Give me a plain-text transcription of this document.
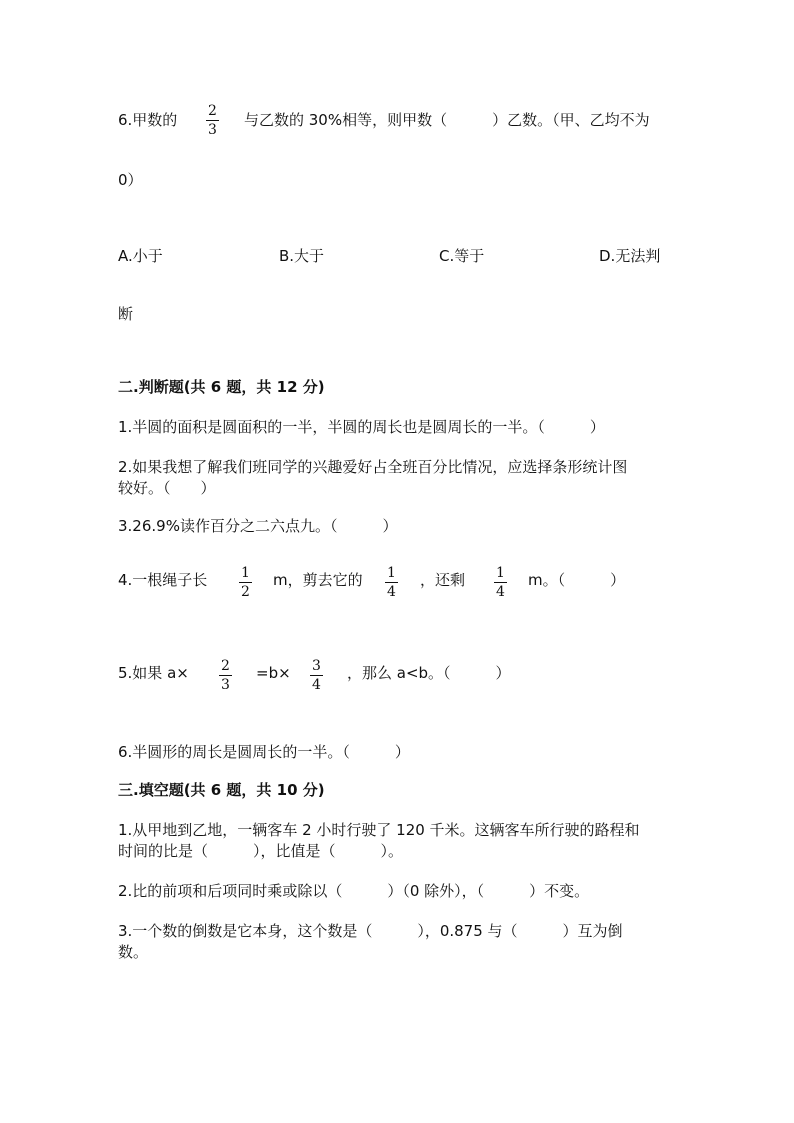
6.甲数的 $\frac{2}{3}$ 与乙数的 30%相等，则甲数（　　　）乙数。（甲、乙均不为
0）
A.小于	B.大于	C.等于	D.无法判
断
二.判断题(共 6 题，共 12 分)
1.半圆的面积是圆面积的一半，半圆的周长也是圆周长的一半。（　　　）
2.如果我想了解我们班同学的兴趣爱好占全班百分比情况，应选择条形统计图
较好。（　　）
3.26.9%读作百分之二六点九。（　　　）
4.一根绳子长 $\frac{1}{2}$ m，剪去它的 $\frac{1}{4}$ ，还剩 $\frac{1}{4}$ m。（　　　）
5.如果 $a\times \frac{2}{3} =b\times \frac{3}{4}$ ，那么 a<b。（　　　）
6.半圆形的周长是圆周长的一半。（　　　）
三.填空题(共 6 题，共 10 分)
1.从甲地到乙地，一辆客车 2 小时行驶了 120 千米。这辆客车所行驶的路程和
时间的比是（　　　），比值是（　　　）。
2.比的前项和后项同时乘或除以（　　　）（0 除外），（　　　）不变。
3.一个数的倒数是它本身，这个数是（　　　），0.875 与（　　　）互为倒
数。
